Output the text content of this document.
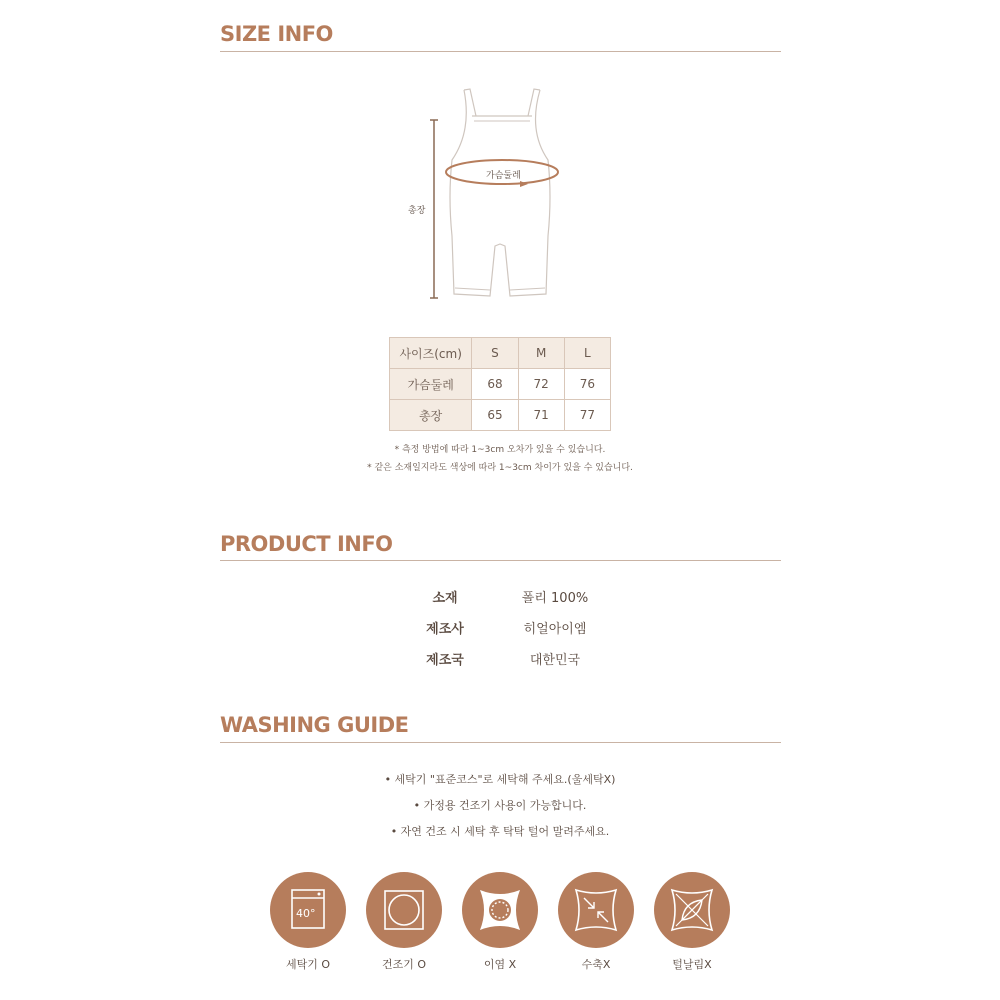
SIZE INFO
총장
가슴둘레
사이즈(cm)	S	M	L
가슴둘레	68	72	76
총장	65	71	77
* 측정 방법에 따라 1~3cm 오차가 있을 수 있습니다.
* 같은 소재일지라도 색상에 따라 1~3cm 차이가 있을 수 있습니다.
PRODUCT INFO
소재	폴리 100%
제조사	히얼아이엠
제조국	대한민국
WASHING GUIDE
• 세탁기 "표준코스"로 세탁해 주세요.(울세탁X)
• 가정용 건조기 사용이 가능합니다.
• 자연 건조 시 세탁 후 탁탁 털어 말려주세요.
40°
세탁기 O	건조기 O	이염 X	수축X	털날림X
